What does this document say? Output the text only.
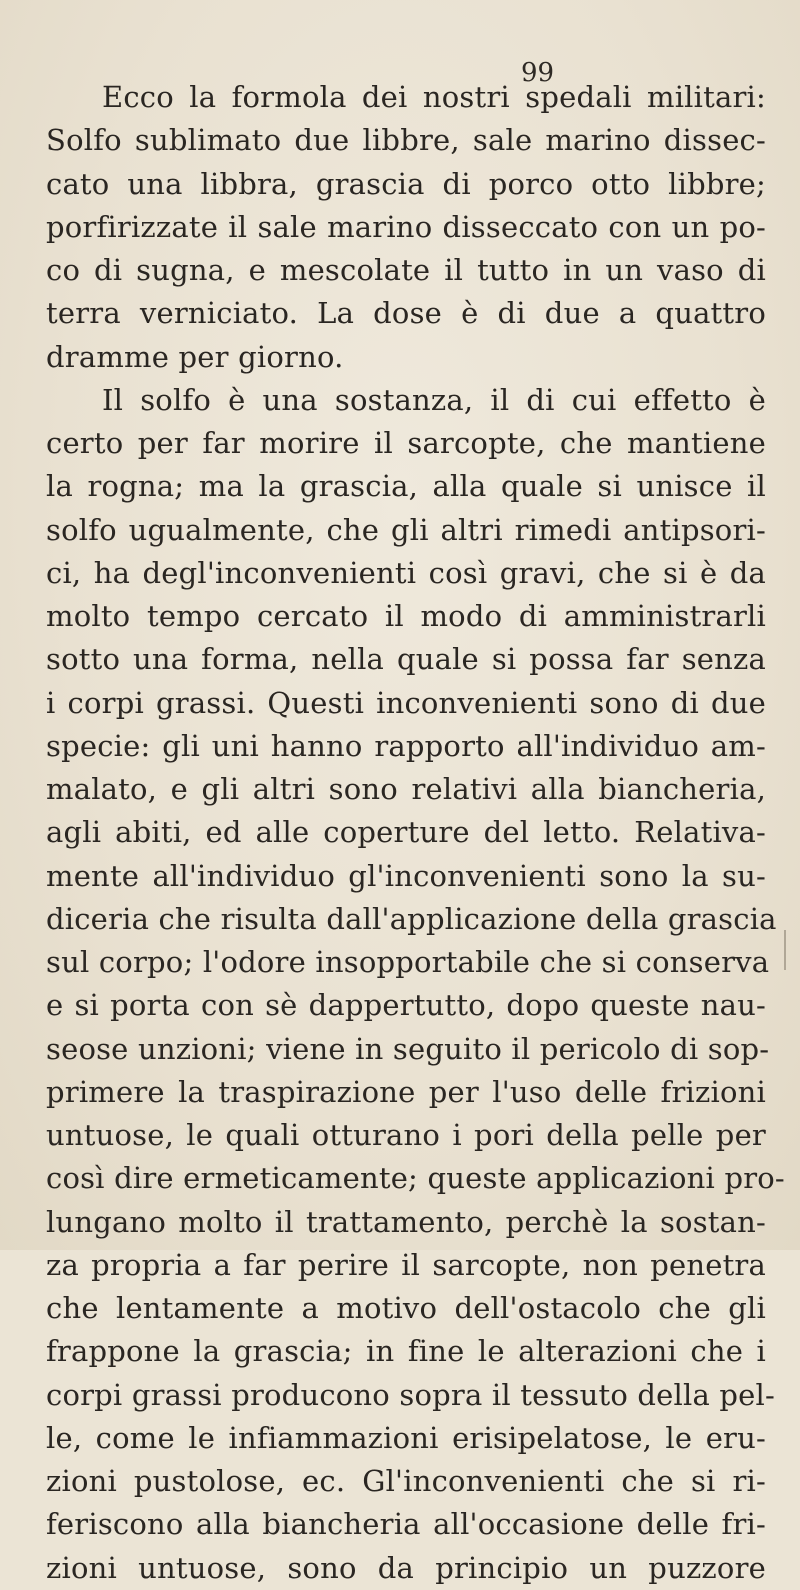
99
Ecco la formola dei nostri spedali militari:
Solfo sublimato due libbre, sale marino dissec-
cato una libbra, grascia di porco otto libbre;
porfirizzate il sale marino disseccato con un po-
co di sugna, e mescolate il tutto in un vaso di
terra verniciato. La dose è di due a quattro
dramme per giorno.
Il solfo è una sostanza, il di cui effetto è
certo per far morire il sarcopte, che mantiene
la rogna; ma la grascia, alla quale si unisce il
solfo ugualmente, che gli altri rimedi antipsori-
ci, ha degl'inconvenienti così gravi, che si è da
molto tempo cercato il modo di amministrarli
sotto una forma, nella quale si possa far senza
i corpi grassi. Questi inconvenienti sono di due
specie: gli uni hanno rapporto all'individuo am-
malato, e gli altri sono relativi alla biancheria,
agli abiti, ed alle coperture del letto. Relativa-
mente all'individuo gl'inconvenienti sono la su-
diceria che risulta dall'applicazione della grascia
sul corpo; l'odore insopportabile che si conserva
e si porta con sè dappertutto, dopo queste nau-
seose unzioni; viene in seguito il pericolo di sop-
primere la traspirazione per l'uso delle frizioni
untuose, le quali otturano i pori della pelle per
così dire ermeticamente; queste applicazioni pro-
lungano molto il trattamento, perchè la sostan-
za propria a far perire il sarcopte, non penetra
che lentamente a motivo dell'ostacolo che gli
frappone la grascia; in fine le alterazioni che i
corpi grassi producono sopra il tessuto della pel-
le, come le infiammazioni erisipelatose, le eru-
zioni pustolose, ec. Gl'inconvenienti che si ri-
feriscono alla biancheria all'occasione delle fri-
zioni untuose, sono da principio un puzzore
